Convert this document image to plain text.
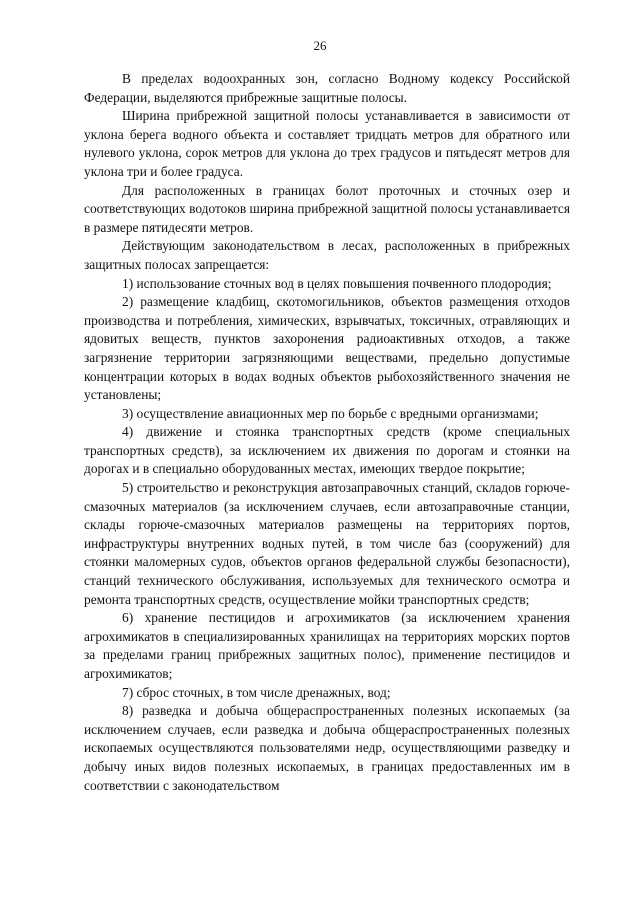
26

В пределах водоохранных зон, согласно Водному кодексу Российской Федерации, выделяются прибрежные защитные полосы.

Ширина прибрежной защитной полосы устанавливается в зависимости от уклона берега водного объекта и составляет тридцать метров для обратного или нулевого уклона, сорок метров для уклона до трех градусов и пятьдесят метров для уклона три и более градуса.

Для расположенных в границах болот проточных и сточных озер и соответствующих водотоков ширина прибрежной защитной полосы устанавливается в размере пятидесяти метров.

Действующим законодательством в лесах, расположенных в прибрежных защитных полосах запрещается:

1) использование сточных вод в целях повышения почвенного плодородия;

2) размещение кладбищ, скотомогильников, объектов размещения отходов производства и потребления, химических, взрывчатых, токсичных, отравляющих и ядовитых веществ, пунктов захоронения радиоактивных отходов, а также загрязнение территории загрязняющими веществами, предельно допустимые концентрации которых в водах водных объектов рыбохозяйственного значения не установлены;

3) осуществление авиационных мер по борьбе с вредными организмами;

4) движение и стоянка транспортных средств (кроме специальных транспортных средств), за исключением их движения по дорогам и стоянки на дорогах и в специально оборудованных местах, имеющих твердое покрытие;

5) строительство и реконструкция автозаправочных станций, складов горюче-смазочных материалов (за исключением случаев, если автозаправочные станции, склады горюче-смазочных материалов размещены на территориях портов, инфраструктуры внутренних водных путей, в том числе баз (сооружений) для стоянки маломерных судов, объектов органов федеральной службы безопасности), станций технического обслуживания, используемых для технического осмотра и ремонта транспортных средств, осуществление мойки транспортных средств;

6) хранение пестицидов и агрохимикатов (за исключением хранения агрохимикатов в специализированных хранилищах на территориях морских портов за пределами границ прибрежных защитных полос), применение пестицидов и агрохимикатов;

7) сброс сточных, в том числе дренажных, вод;

8) разведка и добыча общераспространенных полезных ископаемых (за исключением случаев, если разведка и добыча общераспространенных полезных ископаемых осуществляются пользователями недр, осуществляющими разведку и добычу иных видов полезных ископаемых, в границах предоставленных им в соответствии с законодательством
